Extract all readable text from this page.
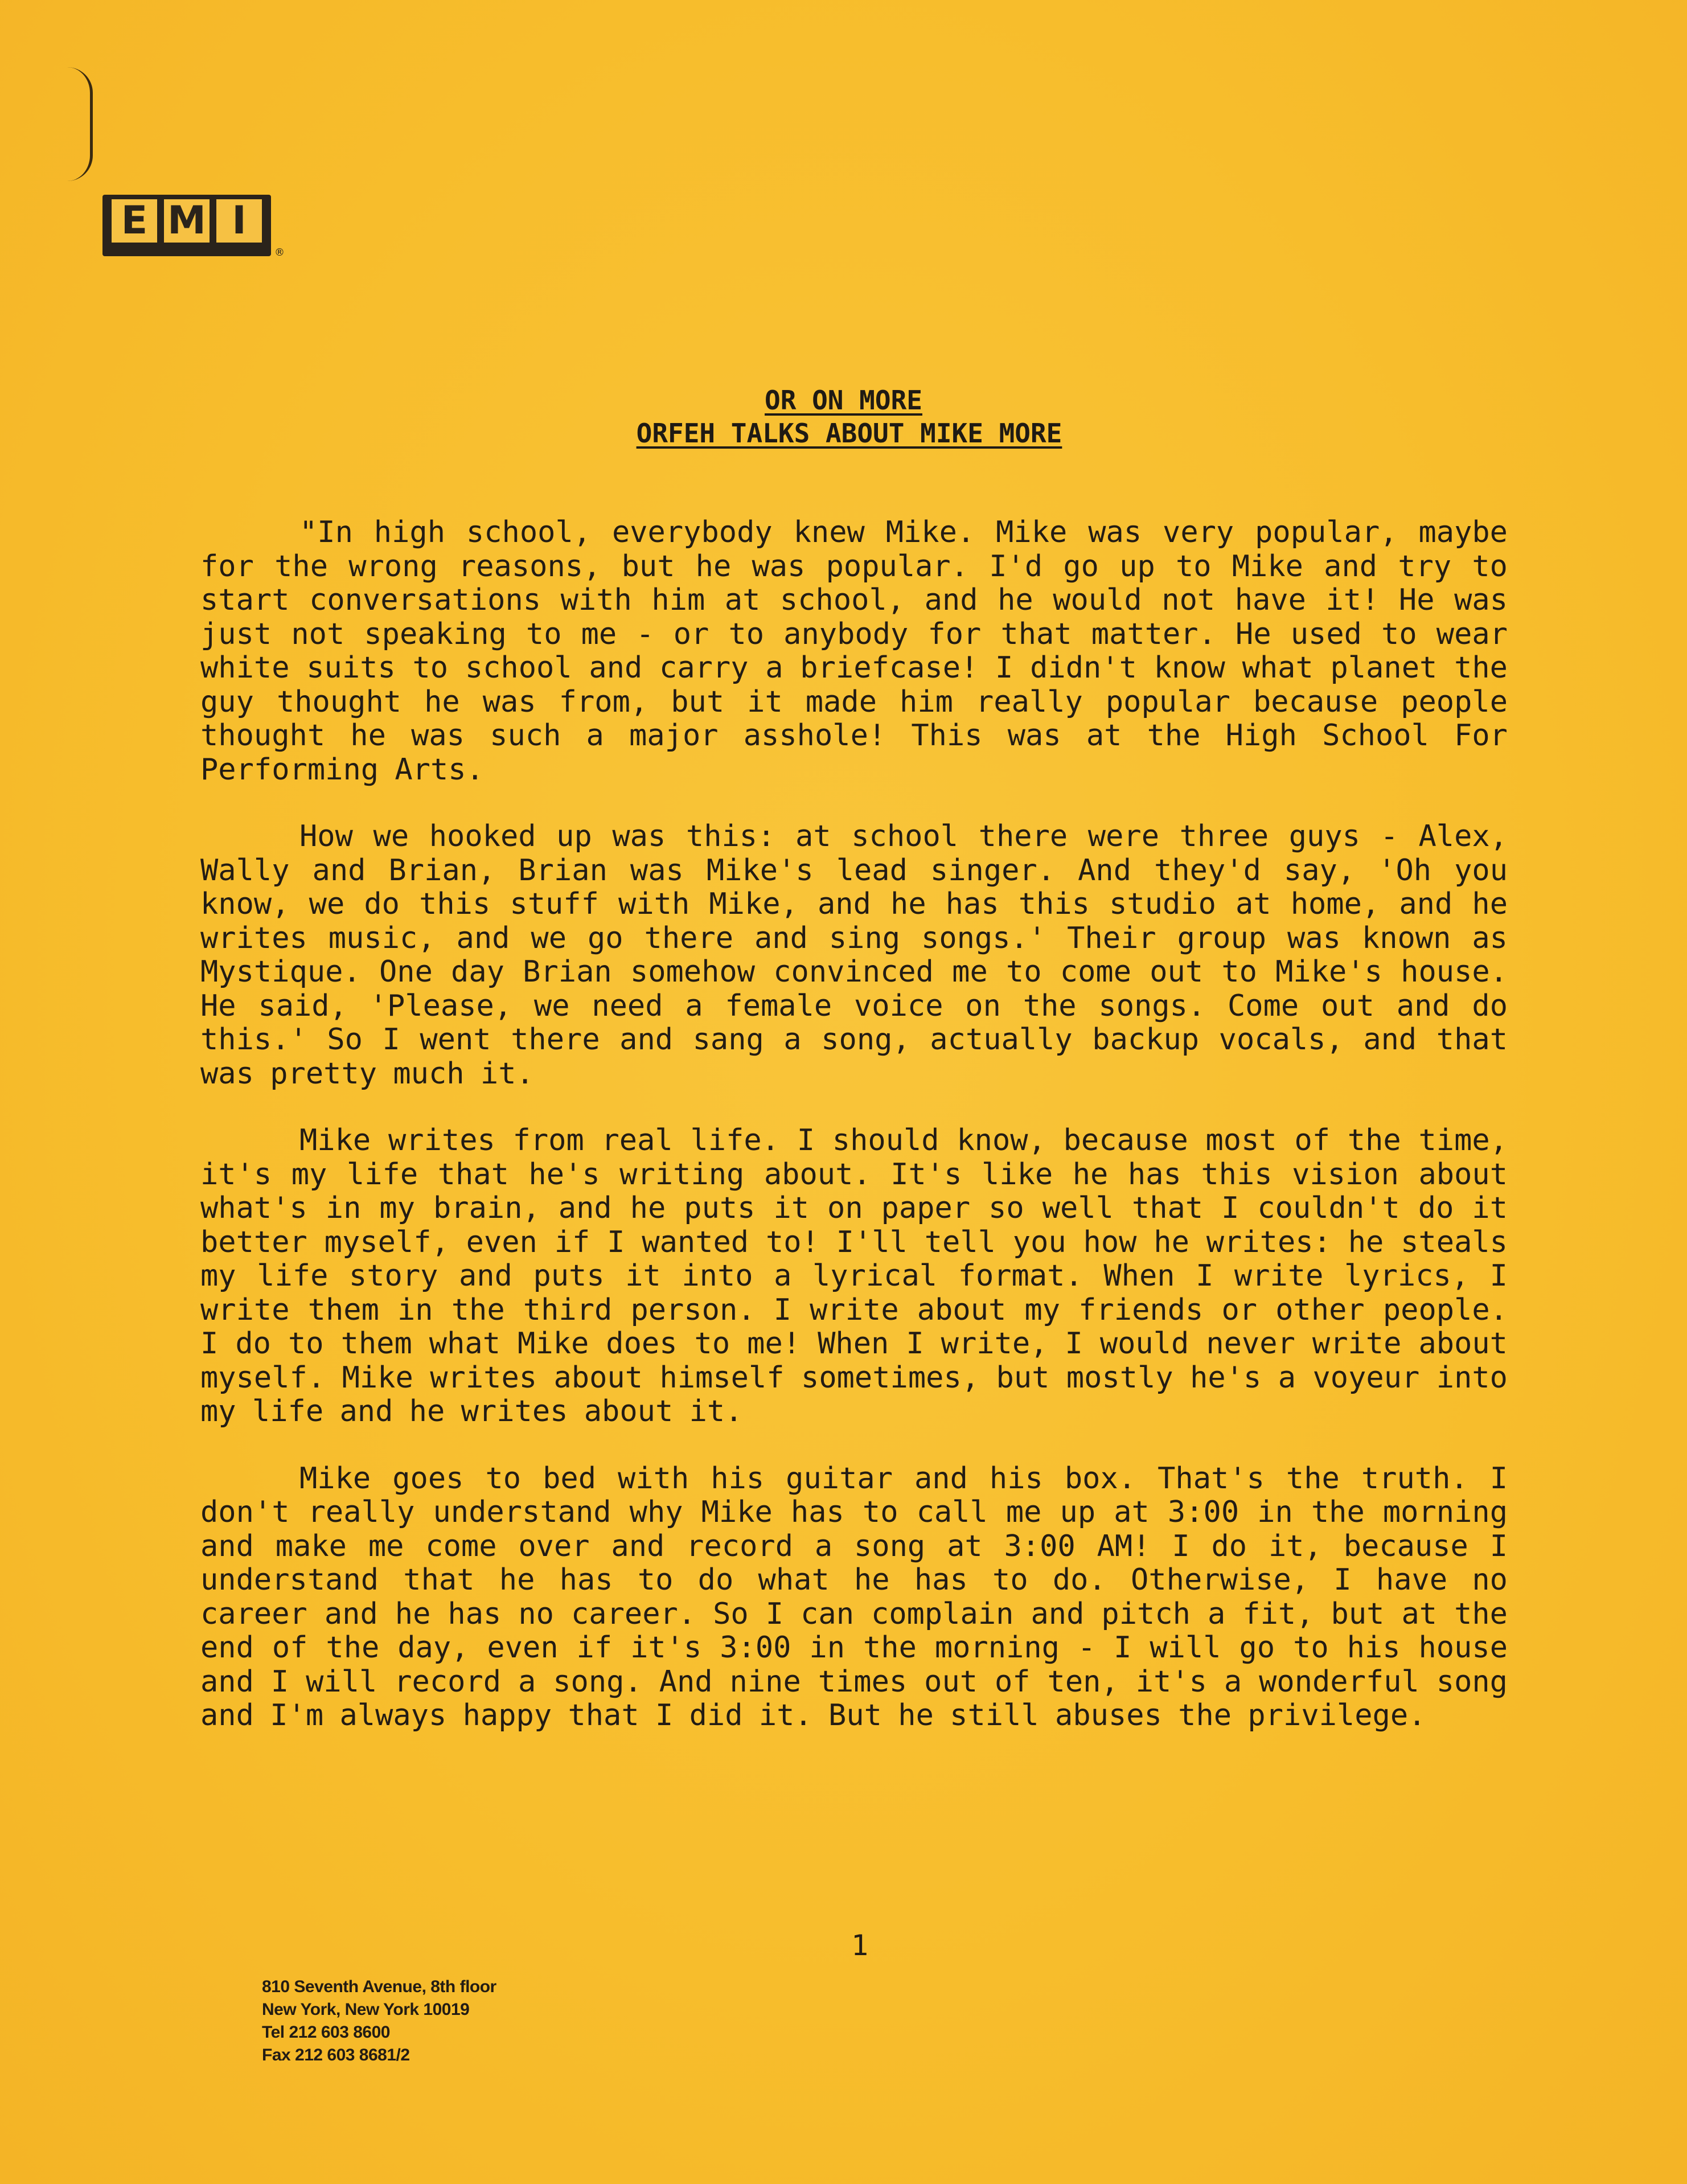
E M I
®
OR ON MORE
ORFEH TALKS ABOUT MIKE MORE

"In high school, everybody knew Mike. Mike was very popular, maybe for the wrong reasons, but he was popular. I'd go up to Mike and try to start conversations with him at school, and he would not have it! He was just not speaking to me - or to anybody for that matter. He used to wear white suits to school and carry a briefcase! I didn't know what planet the guy thought he was from, but it made him really popular because people thought he was such a major asshole! This was at the High School For Performing Arts.

How we hooked up was this: at school there were three guys - Alex, Wally and Brian, Brian was Mike's lead singer. And they'd say, 'Oh you know, we do this stuff with Mike, and he has this studio at home, and he writes music, and we go there and sing songs.' Their group was known as Mystique. One day Brian somehow convinced me to come out to Mike's house. He said, 'Please, we need a female voice on the songs. Come out and do this.' So I went there and sang a song, actually backup vocals, and that was pretty much it.

Mike writes from real life. I should know, because most of the time, it's my life that he's writing about. It's like he has this vision about what's in my brain, and he puts it on paper so well that I couldn't do it better myself, even if I wanted to! I'll tell you how he writes: he steals my life story and puts it into a lyrical format. When I write lyrics, I write them in the third person. I write about my friends or other people. I do to them what Mike does to me! When I write, I would never write about myself. Mike writes about himself sometimes, but mostly he's a voyeur into my life and he writes about it.

Mike goes to bed with his guitar and his box. That's the truth. I don't really understand why Mike has to call me up at 3:00 in the morning and make me come over and record a song at 3:00 AM! I do it, because I understand that he has to do what he has to do. Otherwise, I have no career and he has no career. So I can complain and pitch a fit, but at the end of the day, even if it's 3:00 in the morning - I will go to his house and I will record a song. And nine times out of ten, it's a wonderful song and I'm always happy that I did it. But he still abuses the privilege.

1
810 Seventh Avenue, 8th floor
New York, New York 10019
Tel 212 603 8600
Fax 212 603 8681/2
